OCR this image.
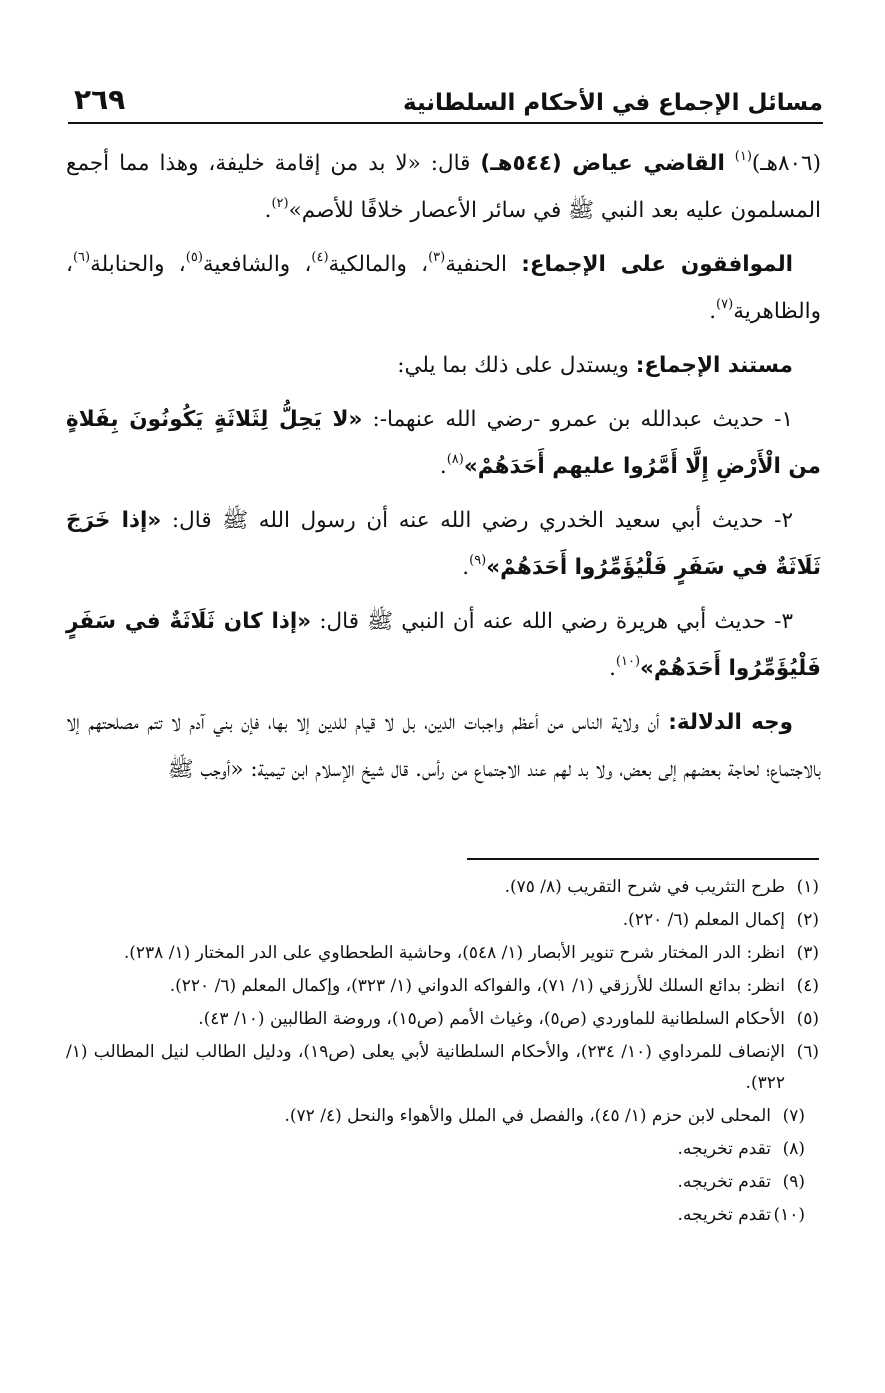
مسائل الإجماع في الأحكام السلطانية
٢٦٩

(٨٠٦هـ)$^{(١)}$ القاضي عياض (٥٤٤هـ) قال: «لا بد من إقامة خليفة، وهذا مما أجمع المسلمون عليه بعد النبي ﷺ في سائر الأعصار خلافًا للأصم»$^{(٢)}$.

الموافقون على الإجماع: الحنفية$^{(٣)}$، والمالكية$^{(٤)}$، والشافعية$^{(٥)}$، والحنابلة$^{(٦)}$، والظاهرية$^{(٧)}$.

مستند الإجماع: ويستدل على ذلك بما يلي:

١- حديث عبدالله بن عمرو -رضي الله عنهما-: «لا يَحِلُّ لِثَلاثَةٍ يَكُونُونَ بِفَلاةٍ من الْأَرْضِ إِلَّا أَمَّرُوا عليهم أَحَدَهُمْ»$^{(٨)}$.

٢- حديث أبي سعيد الخدري رضي الله عنه أن رسول الله ﷺ قال: «إذا خَرَجَ ثَلَاثَةٌ في سَفَرٍ فَلْيُؤَمِّرُوا أَحَدَهُمْ»$^{(٩)}$.

٣- حديث أبي هريرة رضي الله عنه أن النبي ﷺ قال: «إذا كان ثَلَاثَةٌ في سَفَرٍ فَلْيُؤَمِّرُوا أَحَدَهُمْ»$^{(١٠)}$.

وجه الدلالة: أن ولاية الناس من أعظم واجبات الدين، بل لا قيام للدين إلا بها، فإن بني آدم لا تتم مصلحتهم إلا بالاجتماع؛ لحاجة بعضهم إلى بعض، ولا بد لهم عند الاجتماع من رأس. قال شيخ الإسلام ابن تيمية: «أوجب ﷺ

(١)
طرح التثريب في شرح التقريب (٨/ ٧٥).
(٢)
إكمال المعلم (٦/ ٢٢٠).
(٣)
انظر: الدر المختار شرح تنوير الأبصار (١/ ٥٤٨)، وحاشية الطحطاوي على الدر المختار (١/ ٢٣٨).
(٤)
انظر: بدائع السلك للأرزقي (١/ ٧١)، والفواكه الدواني (١/ ٣٢٣)، وإكمال المعلم (٦/ ٢٢٠).
(٥)
الأحكام السلطانية للماوردي (ص٥)، وغياث الأمم (ص١٥)، وروضة الطالبين (١٠/ ٤٣).
(٦)
الإنصاف للمرداوي (١٠/ ٢٣٤)، والأحكام السلطانية لأبي يعلى (ص١٩)، ودليل الطالب لنيل المطالب (١/ ٣٢٢).
(٧)
المحلى لابن حزم (١/ ٤٥)، والفصل في الملل والأهواء والنحل (٤/ ٧٢).
(٨)
تقدم تخريجه.
(٩)
تقدم تخريجه.
(١٠)
تقدم تخريجه.
